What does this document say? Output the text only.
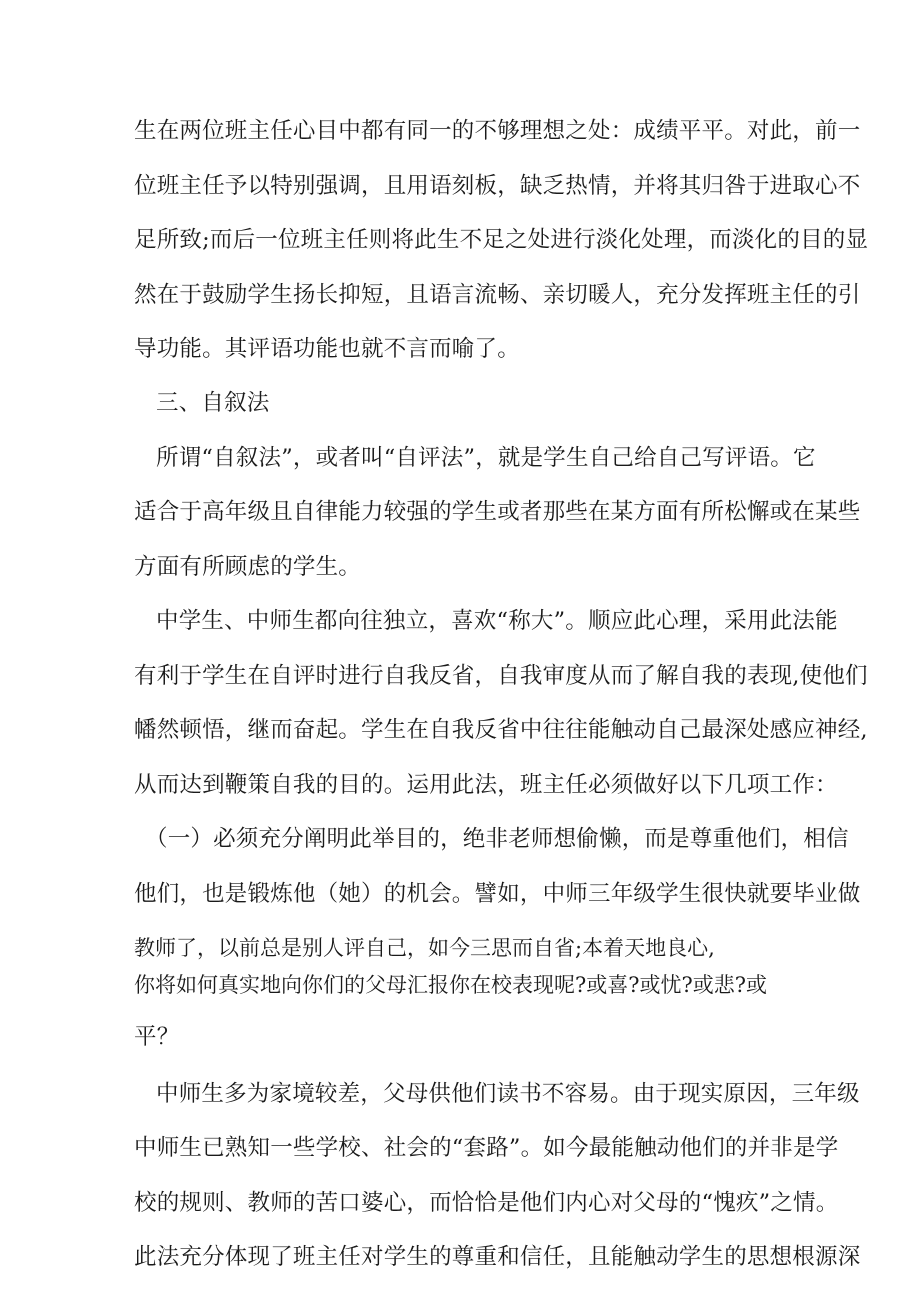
生在两位班主任心目中都有同一的不够理想之处：成绩平平。对此，前一
位班主任予以特别强调，且用语刻板，缺乏热情，并将其归咎于进取心不
足所致;而后一位班主任则将此生不足之处进行淡化处理，而淡化的目的显
然在于鼓励学生扬长抑短，且语言流畅、亲切暖人，充分发挥班主任的引
导功能。其评语功能也就不言而喻了。
三、自叙法
所谓“自叙法”，或者叫“自评法”，就是学生自己给自己写评语。它
适合于高年级且自律能力较强的学生或者那些在某方面有所松懈或在某些
方面有所顾虑的学生。
中学生、中师生都向往独立，喜欢“称大”。顺应此心理，采用此法能
有利于学生在自评时进行自我反省，自我审度从而了解自我的表现,使他们
幡然顿悟，继而奋起。学生在自我反省中往往能触动自己最深处感应神经,
从而达到鞭策自我的目的。运用此法，班主任必须做好以下几项工作：
（一）必须充分阐明此举目的，绝非老师想偷懒，而是尊重他们，相信
他们，也是锻炼他（她）的机会。譬如，中师三年级学生很快就要毕业做
教师了，以前总是别人评自己，如今三思而自省;本着天地良心,
你将如何真实地向你们的父母汇报你在校表现呢?或喜?或忧?或悲?或
平？
中师生多为家境较差，父母供他们读书不容易。由于现实原因，三年级
中师生已熟知一些学校、社会的“套路”。如今最能触动他们的并非是学
校的规则、教师的苦口婆心，而恰恰是他们内心对父母的“愧疚”之情。
此法充分体现了班主任对学生的尊重和信任，且能触动学生的思想根源深
